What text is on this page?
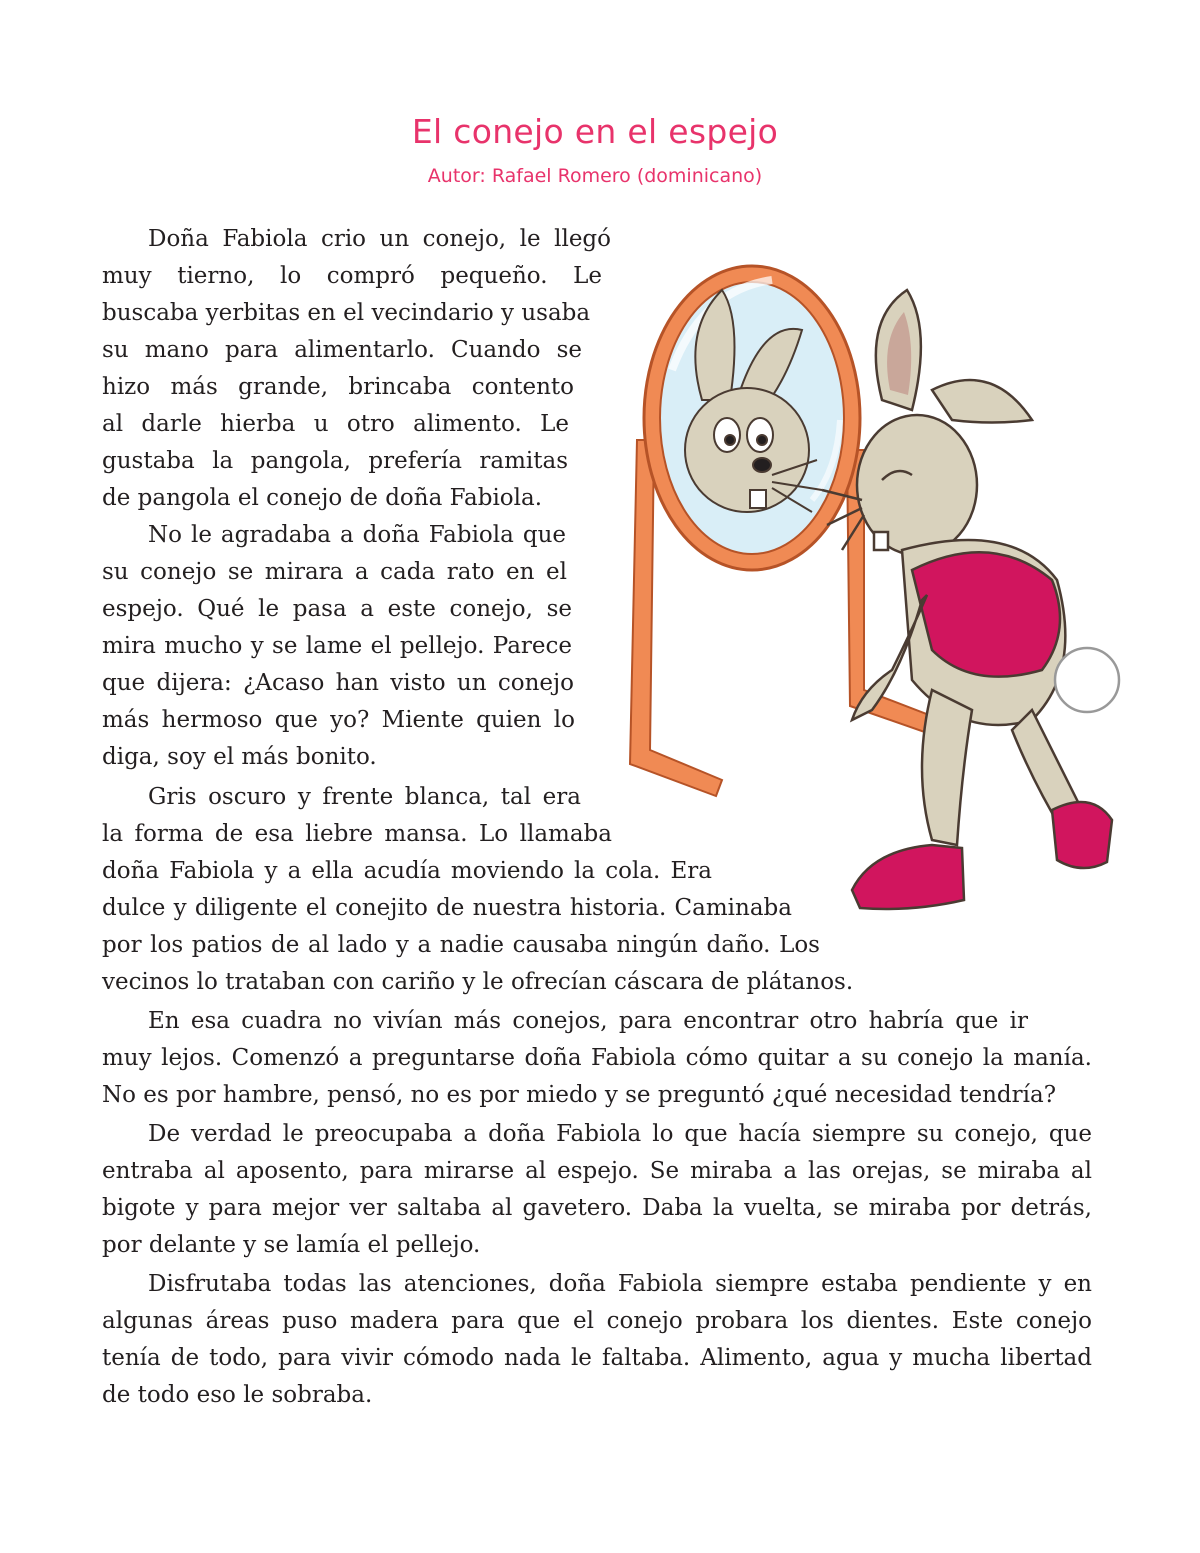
El conejo en el espejo

Autor: Rafael Romero (dominicano)

Doña Fabiola crio un conejo, le llegó

muy tierno, lo compró pequeño. Le

buscaba yerbitas en el vecindario y usaba

su mano para alimentarlo. Cuando se

hizo más grande, brincaba contento

al darle hierba u otro alimento. Le

gustaba la pangola, prefería ramitas

de pangola el conejo de doña Fabiola.

No le agradaba a doña Fabiola que

su conejo se mirara a cada rato en el

espejo. Qué le pasa a este conejo, se

mira mucho y se lame el pellejo. Parece

que dijera: ¿Acaso han visto un conejo

más hermoso que yo? Miente quien lo

diga, soy el más bonito.

Gris oscuro y frente blanca, tal era

la forma de esa liebre mansa. Lo llamaba

doña Fabiola y a ella acudía moviendo la cola. Era

dulce y diligente el conejito de nuestra historia. Caminaba

por los patios de al lado y a nadie causaba ningún daño. Los

vecinos lo trataban con cariño y le ofrecían cáscara de plátanos.

En esa cuadra no vivían más conejos, para encontrar otro habría que ir

muy lejos. Comenzó a preguntarse doña Fabiola cómo quitar a su conejo la manía.

No es por hambre, pensó, no es por miedo y se preguntó ¿qué necesidad tendría?

De verdad le preocupaba a doña Fabiola lo que hacía siempre su conejo, que

entraba al aposento, para mirarse al espejo. Se miraba a las orejas, se miraba al

bigote y para mejor ver saltaba al gavetero. Daba la vuelta, se miraba por detrás,

por delante y se lamía el pellejo.

Disfrutaba todas las atenciones, doña Fabiola siempre estaba pendiente y en

algunas áreas puso madera para que el conejo probara los dientes. Este conejo

tenía de todo, para vivir cómodo nada le faltaba. Alimento, agua y mucha libertad

de todo eso le sobraba.
